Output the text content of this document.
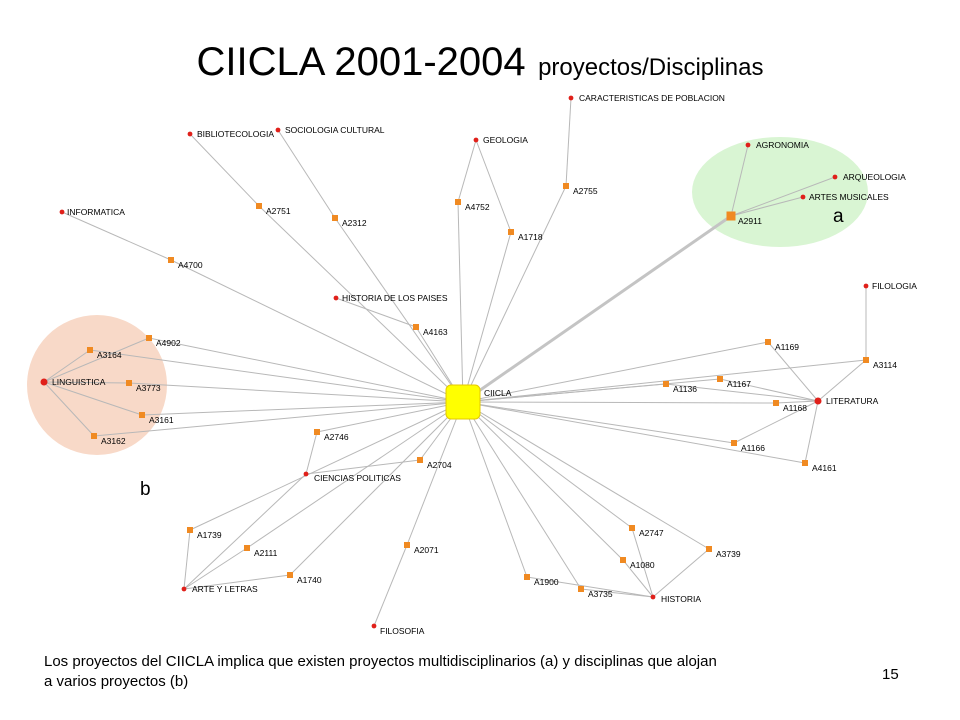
CIICLA 2001-2004 proyectos/Disciplinas
a
b
CIICLA
A2755
A2751
A2312
A4752
A1718
A2911
A4700
A4163
A4902
A3164
A3773
A3161
A3162
A1169
A3114
A1167
A1136
A1168
A1166
A4161
A2746
A2704
A1739
A2111
A1740
A2071
A2747
A3739
A1080
A1900
A3735
CARACTERISTICAS DE POBLACION
SOCIOLOGIA CULTURAL
BIBLIOTECOLOGIA
GEOLOGIA
INFORMATICA
AGRONOMIA
ARQUEOLOGIA
ARTES MUSICALES
HISTORIA DE LOS PAISES
FILOLOGIA
LINGUISTICA
LITERATURA
CIENCIAS POLITICAS
ARTE Y LETRAS
FILOSOFIA
HISTORIA
Los proyectos del CIICLA implica que existen proyectos multidisciplinarios (a) y disciplinas que alojan a varios proyectos (b)	15
